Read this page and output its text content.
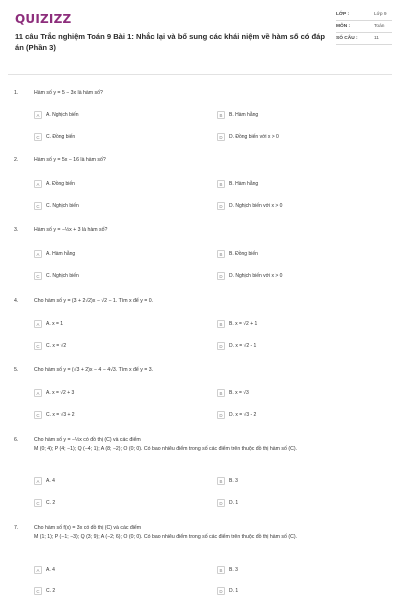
QUIZIZZ
11 câu Trắc nghiệm Toán 9 Bài 1: Nhắc lại và bổ sung các khái niệm về hàm số có đáp án (Phần 3)
LỚP :	Lớp 9
MÔN :	Toán
SỐ CÂU :	11
1.	Hàm số y = 5 − 3x là hàm số?
A	A. Nghịch biến	B	B. Hàm hằng
C	C. Đồng biến	D	D. Đồng biến với x > 0
2.	Hàm số y = 5x − 16 là hàm số?
A	A. Đồng biến	B	B. Hàm hằng
C	C. Nghịch biến	D	D. Nghịch biến với x > 0
3.	Hàm số y = −½x + 3 là hàm số?
A	A. Hàm hằng	B	B. Đồng biến
C	C. Nghịch biến	D	D. Nghịch biến với x > 0
4.	Cho hàm số y = (3 + 2√2)x − √2 − 1. Tìm x để y = 0.
A	A. x = 1	B	B. x = √2 + 1
C	C. x = √2	D	D. x = √2 - 1
5.	Cho hàm số y = (√3 + 2)x − 4 − 4√3. Tìm x để y = 3.
A	A. x = √2 + 3	B	B. x = √3
C	C. x = √3 + 2	D	D. x = √3 - 2
6.	Cho hàm số y = −½x có đồ thị (C) và các điểm
M (0; 4); P (4; −1); Q (−4; 1); A (8; −2); O (0; 0). Có bao nhiêu điểm trong số các điểm trên thuộc đồ thị hàm số (C).
A	A. 4	B	B. 3
C	C. 2	D	D. 1
7.	Cho hàm số f(x) = 3x có đồ thị (C) và các điểm
M (1; 1); P (−1; −3); Q (3; 9); A (−2; 6); O (0; 0). Có bao nhiêu điểm trong số các điểm trên thuộc đồ thị hàm số (C).
A	A. 4	B	B. 3
C	C. 2	D	D. 1
